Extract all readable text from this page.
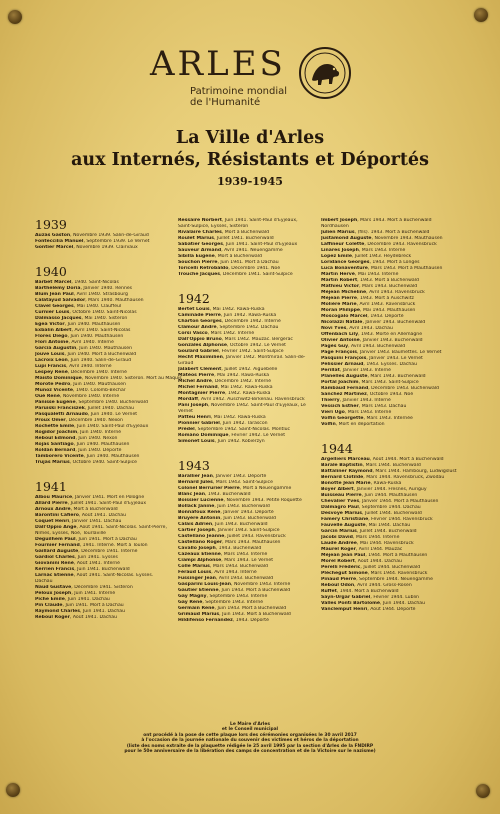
ARLES
Patrimoine mondial
de l'Humanité
La Ville d'Arles
aux Internés, Résistants et Déportés
1939-1945
1939
Auzas Gaston, Novembre 1939. Salin-de-Giraud
Fonteccilia Manuel, Septembre 1939. Le Vernet
Gontier Marcel, Novembre 1939. Clairvaux
1940
Barbet Marcel, 1940. Saint-Nicolas
Barthélémy Doria, Janvier 1940. Rennes
Blum Jean Paul, Avril 1940. Strasbourg
Calatayud Salvador, Mars 1940. Mauthausen
Clavel Georges, Mai 1940. Clauffeul
Curnier Louis, Octobre 1940. Saint-Nicolas
Dalmasso Jacques, Mai 1940. Sisteron
Egea Victor, Juin 1940. Mauthausen
Exbalin Albert, Avril 1940. Saint-Nicolas
Flores Diego, Juin 1940. Mauthausen
Flori Antoine, Avril 1940. Interné
Garcia Augustin, Juin 1940. Mauthausen
Jouve Louis, Juin 1940. Mort à Buchenwald
Lacroix Léon, Juin 1940. Salin-de-Giraud
Lupi Francis, Avril 1940. Interné
Lespey René, Décembre 1940. Interné
Maisto Dominique, Novembre 1940. Sisteron. Mort au Maquis
Morote Pedro, Juin 1940. Mauthausen
Munoz Vicente, 1940. Colomb-Béchar
Oué René, Novembre 1940. Interné
Panisse Eugène, Septembre 1940. Buchenwald
Paruiski Franciszek, Juillet 1940. Dachau
Pasqualetti Arnaudo, Juin 1940. Le Vernet
Proux Omer, Décembre 1940. Nexon
Rochette Émile, Juin 1940. Saint-Paul d'Eyjeaux
Rogidor Joachim, Juin 1940. Interné
Reboul Edmond, Juin 1940. Nexon
Rojas Santiago, Juin 1940. Mauthausen
Roldan Bernard, Juin 1940. Déporté
Tamborero Vicente, Juin 1940. Mauthausen
Trujas Marius, Octobre 1940. Saint-Sulpice
1941
Albou Maurice, Janvier 1941. Mort en Pologne
Allard Pierre, Juillet 1941. Saint-Paul d'Eyjeaux
Arnoux André, Mort à Buchenwald
Barontini Cafiero, Août 1941. Dachau
Coquet Henri, Janvier 1941. Dachau
Dall'Oppio Ange, Août 1941. Saint-Nicolas. Saint-Pierre,
Nîmes, Eysses, Noé, Tourlaville
Deguilhem Paul, Juin 1941. Mort à Dachau
Fournier Fernand, 1941. Interné. Mort à Toulon
Gaillard Auguste, Décembre 1941. Interné
Gardiol Charles, Juin 1941. Eysses
Giovanini René, Août 1941. Interné
Kerrien Francis, Juin 1941. Buchenwald
Larnac Étienne, Août 1941. Saint-Nicolas. Eysses.
Dachau
Naud Gustave, Décembre 1941. Sisteron
Peloux Joseph, Juin 1941. Interné
Piche Émile, Juin 1941. Dachau
Pin Claude, Juin 1941. Mort à Dachau
Raymond Charles, Juin 1941. Dachau
Reboul Roger, Août 1941. Dachau
Ressaire Norbert, Juin 1941. Saint-Paul d'Eyjeaux,
Saint-Sulpice, Eysses, Sisteron
Rivalaire Charles, Mort à Buchenwald
Roulet Marius, Juillet 1941. Buchenwald
Sabatier Georges, Juin 1941. Saint-Paul d'Eyjeaux
Sauveur Armand, Avril 1941. Neuengamme
Sibilla Eugène, Mort à Buchenwald
Souchon Pierre, Juin 1941. Mort à Dachau
Toricelli Retrobaldo, Décembre 1941. Noé
Trouche Jacques, Décembre 1941. Saint-Sulpice
1942
Bertet Louis, Mai 1942. Rawa-Ruska
Caminade Pierre, Juin 1942. Rawa-Ruska
Charton Georges, Décembre 1942. Interné
Clamour André, Septembre 1942. Dachau
Corsi Vasco, Mars 1942. Interné
Dall'Oppio Bruno, Mars 1942. Mauzac. Bergerac
Gonzales Alphonse, Octobre 1942. Le Vernet
Goulard Gabriel, Février 1942. Saint-Sulpice
Hecht Maximilien, Janvier 1942. Montmirail. Salin-de-
Giraud
Jalabert Clément, Juillet 1942. Aiguebelle
Matéos Pierre, Mai 1942. Rawa-Ruska
Michel André, Décembre 1942. Interné
Michel Fernand, Mai 1942. Rawa-Ruska
Montagnier Pierre, 1942. Rawa-Ruska
Mordaff, Avril 1942. Auschwitz-Birkenau. Ravensbrück
Pani Joseph, Novembre 1942. Saint-Paul d'Eyjeaux, Le
Vernet
Patteu Henri, Mai 1942. Rawa-Ruska
Pionnier Gabriel, Juin 1942. Tarascon
Prédel, Septembre 1942. Saint-Nicolas. Montluc
Romano Dominique, Février 1942. Le Vernet
Simonet Louis, Juin 1942. Kobierzyn
1943
Barallier Jean, Janvier 1943. Déporté
Bernard Jules, Mars 1943. Saint-Sulpice
Colonel Berrurier Pierre, Mort à Neuengamme
Blanc Jean, 1943. Buchenwald
Boissier Lucienne, Novembre 1943. Petite Roquette
Bollack Janine, Juin 1943. Buchenwald
Bonnafoux René, Janvier 1943. Déporté
Bruyère Antonin, Juin 1943. Buchenwald
Calais Adrien, Juin 1943. Buchenwald
Cartier Joseph, Janvier 1943. Saint-Sulpice
Castellano Jeanne, Juillet 1943. Ravensbrück
Castellano Roger, Mars 1943. Mauthausen
Cavallo Joseph, 1943. Buchenwald
Cazeaux Étienne, Mars 1943. Interné
Ciampi Alphonse, Mars 1943. Le Vernet
Colle Marius, Mars 1943. Buchenwald
Féraud Louis, Avril 1943. Interné
Fussinger Jean, Avril 1943. Buchenwald
Gasparini Louis-Jean, Novembre 1943. Interné
Gautier Étienne, Juin 1943. Mort à Buchenwald
Gay Magny, Septembre 1943. Interné
Gay René, Septembre 1943. Interné
Germain René, Juin 1943. Mort à Buchenwald
Grimaud Marius, Juin 1943. Mort à Buchenwald
Hildifenso Fernandez, 1943. Déporté
Imbert Joseph, Mars 1943. Mort à Buchenwald
Nordhausen
Julien Marius, (fils). 1943. Mort à Buchenwald
Justamond Auguste, Novembre 1943. Mauthausen
Laffineur Colette, Décembre 1943. Ravensbrück
Linares Joseph, Mars 1943. Interné
Lopez Émile, Juillet 1943. Heydebreck
Loridance Georges, 1943. Mort à Longes
Luca Bonaventure, Mars 1943. Mort à Mauthausen
Martin Hervé, Mai 1943. Interné
Martin Robert, 1943. Mort à Buchenwald
Mathieu Victor, Mars 1943. Buchenwald
Méjean Micheline, Avril 1943. Ravensbrück
Méjean Pierre, 1943. Mort à Auschwitz
Molière Marie, Avril 1943. Ravensbrück
Moran Philippe, Mai 1943. Mauthausen
Moscogalo Marcel, 1943. Déporté
Nicolazzi Natale, Janvier 1943. Buchenwald
Novi Yves, Avril 1943. Dachau
Offenbach Lily, 1943. Morte en Allemagne
Olivier Antoine, Janvier 1943. Buchenwald
Pagès Guy, Avril 1943. Buchenwald
Page François, Janvier 1943. Baumettes. Le Vernet
Pasquini François, Janvier 1943. Le Vernet
Pélissier Arnaud, 1943. Eysses. Dachau
Perillat, Janvier 1943. Interné
Planelles Auguste, Mars 1943. Buchenwald
Portal Joachim, Mars 1943. Saint-Sulpice
Rambaud Fernand, Décembre 1943. Buchenwald
Sanchez Martinez, Octobre 1943. Noé
Thierry, Janvier 1943. Interné
Vessich Esther, Mars 1943. Dachau
Vieri Ugo, Mars 1943. Interné
Volfin Georgette, Mars 1943. Internée
Volfin, Mort en déportation
1944
Argelliers Marceau, Août 1944. Mort à Buchenwald
Barale Baptistin, Mars 1944. Buchenwald
Battaliner Raymond, Mars 1944. Hambourg, Ludwigslust
Bernard Clotilde, Mars 1944. Ravensbrück, Zwodau
Bonotte Jean Marie, Rawa-Ruska
Boyer Albert, Janvier 1944. Fresnes, Auriguy
Buisseau Pierre, Juin 1944. Mauthausen
Chevalier Yves, Janvier 1944. Mort à Mauthausen
Dalmagro Paul, Septembre 1944. Dachau
Desvoye Marius, Juillet 1944. Buchenwald
Famery Christiane, Février 1944. Ravensbrück
Fauvelle Auguste, Mai 1944. Dachau
Garcin Marius, Juillet 1944. Buchenwald
Jacobi David, Mars 1944. Interné
Laude Andrée, Mai 1944. Ravensbrück
Maurel Roger, Avril 1944. Mauzac
Méjean Jean Paul, 1944. Mort à Mauthausen
Morel Robert, Août 1944. Dachau
Perelli Frédéric, Juillet 1944. Buchenwald
Pléchegut Simone, Mars 1944. Ravensbrück
Pinaud Pierre, Septembre 1944. Neuengamme
Reboul Odon, Avril 1944. Gross-Rosen
Ruffet, 1944. Mort à Buchenwald
Sayn-Urgar Gabriel, Février 1944. Lublin
Valles Ponti Bartolomé, Juin 1944. Dachau
Vanclemput Henri, Août 1944. Déporté
Le Maire d'Arles
et le Conseil municipal
ont procédé à la pose de cette plaque lors des cérémonies organisées le 30 avril 2017
à l'occasion de la journée nationale du souvenir des victimes et héros de la déportation
(liste des noms extraite de la plaquette rédigée le 25 avril 1995 par la section d'Arles de la FNDIRP
pour le 50e anniversaire de la libération des camps de concentration et de la Victoire sur le nazisme)
